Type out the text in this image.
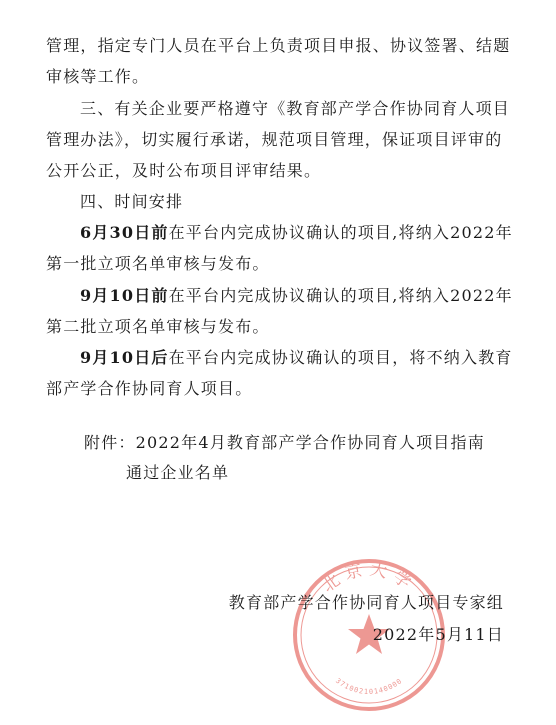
管理，指定专门人员在平台上负责项目申报、协议签署、结题审核等工作。

三、有关企业要严格遵守《教育部产学合作协同育人项目管理办法》，切实履行承诺，规范项目管理，保证项目评审的公开公正，及时公布项目评审结果。

四、时间安排

6月30日前在平台内完成协议确认的项目,将纳入2022年第一批立项名单审核与发布。

9月10日前在平台内完成协议确认的项目,将纳入2022年第二批立项名单审核与发布。

9月10日后在平台内完成协议确认的项目，将不纳入教育部产学合作协同育人项目。

附件：2022年4月教育部产学合作协同育人项目指南
通过企业名单
北京大学
37100210140000
教育部产学合作协同育人项目专家组
2022年5月11日
